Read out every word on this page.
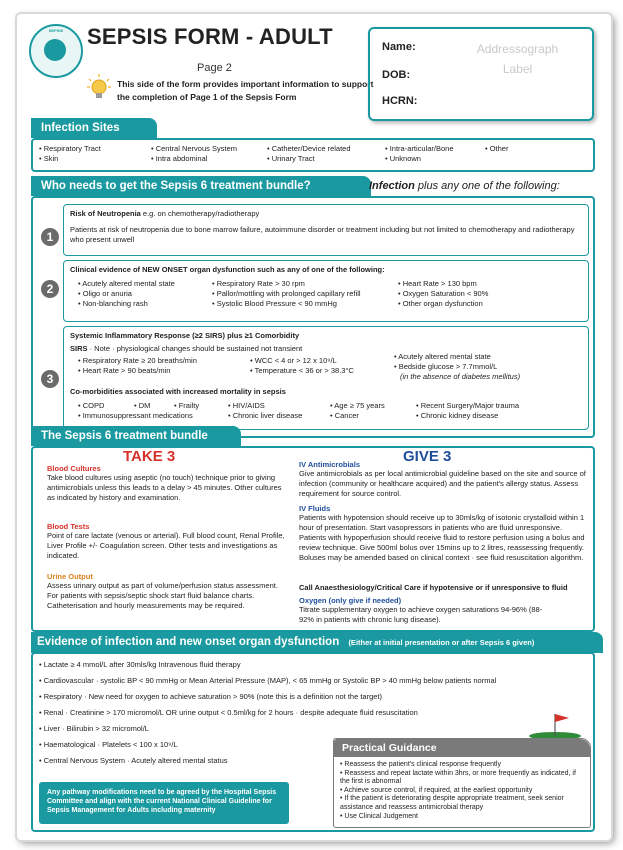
SEPSIS	SEPSIS FORM - ADULT
Page 2
This side of the form provides important information to support the completion of Page 1 of the Sepsis Form
Name:
DOB:
HCRN:
Addressograph
Label
Infection Sites
• Respiratory Tract
• Skin
• Central Nervous System
• Intra abdominal
• Catheter/Device related
• Urinary Tract
• Intra-articular/Bone
• Unknown
• Other
Who needs to get the Sepsis 6 treatment bundle?	Infection plus any one of the following:
1
Risk of Neutropenia e.g. on chemotherapy/radiotherapy
Patients at risk of neutropenia due to bone marrow failure, autoimmune disorder or treatment including but not limited to chemotherapy and radiotherapy who present unwell
2
Clinical evidence of NEW ONSET organ dysfunction such as any of one of the following:
• Acutely altered mental state
• Oligo or anuria
• Non-blanching rash
• Respiratory Rate > 30 rpm
• Pallor/mottling with prolonged capillary refill
• Systolic Blood Pressure < 90 mmHg
• Heart Rate > 130 bpm
• Oxygen Saturation < 90%
• Other organ dysfunction
3
Systemic Inflammatory Response (≥2 SIRS) plus ≥1 Comorbidity
SIRS · Note · physiological changes should be sustained not transient
• Respiratory Rate ≥ 20 breaths/min
• Heart Rate > 90 beats/min
• WCC < 4 or > 12 x 10⁹/L
• Temperature < 36 or > 38.3°C
• Acutely altered mental state
• Bedside glucose > 7.7mmol/L
(in the absence of diabetes mellitus)
Co-morbidities associated with increased mortality in sepsis
• COPD
• Immunosuppressant medications
• DM	• Frailty	• HIV/AIDS
• Chronic liver disease
• Age ≥ 75 years
• Cancer
• Recent Surgery/Major trauma
• Chronic kidney disease
The Sepsis 6 treatment bundle
TAKE 3	GIVE 3
Blood Cultures
Take blood cultures using aseptic (no touch) technique prior to giving antimicrobials unless this leads to a delay > 45 minutes. Other cultures as indicated by history and examination.
Blood Tests
Point of care lactate (venous or arterial). Full blood count, Renal Profile, Liver Profile +/- Coagulation screen. Other tests and investigations as indicated.
Urine Output
Assess urinary output as part of volume/perfusion status assessment. For patients with sepsis/septic shock start fluid balance charts. Catheterisation and hourly measurements may be required.
IV Antimicrobials
Give antimicrobials as per local antimicrobial guideline based on the site and source of infection (community or healthcare acquired) and the patient's allergy status. Assess requirement for source control.
IV Fluids
Patients with hypotension should receive up to 30mls/kg of isotonic crystalloid within 1 hour of presentation. Start vasopressors in patients who are fluid unresponsive. Patients with hypoperfusion should receive fluid to restore perfusion using a bolus and review technique. Give 500ml bolus over 15mins up to 2 litres, reassessing frequently. Boluses may be amended based on clinical context · see fluid resuscitation algorithm.
Call Anaesthesiology/Critical Care if hypotensive or if unresponsive to fluid
Oxygen (only give if needed)
Titrate supplementary oxygen to achieve oxygen saturations 94-96% (88-92% in patients with chronic lung disease).
Evidence of infection and new onset organ dysfunction (Either at initial presentation or after Sepsis 6 given)
• Lactate ≥ 4 mmol/L after 30mls/kg Intravenous fluid therapy
• Cardiovascular · systolic BP < 90 mmHg or Mean Arterial Pressure (MAP), < 65 mmHg or Systolic BP > 40 mmHg below patients normal
• Respiratory · New need for oxygen to achieve saturation > 90% (note this is a definition not the target)
• Renal · Creatinine > 170 micromol/L OR urine output < 0.5ml/kg for 2 hours · despite adequate fluid resuscitation
• Liver · Bilirubin > 32 micromol/L
• Haematological · Platelets < 100 x 10⁹/L
• Central Nervous System · Acutely altered mental status
Any pathway modifications need to be agreed by the Hospital Sepsis Committee and align with the current National Clinical Guideline for Sepsis Management for Adults including maternity
Practical Guidance
• Reassess the patient's clinical response frequently
• Reassess and repeat lactate within 3hrs, or more frequently as indicated, if the first is abnormal
• Achieve source control, if required, at the earliest opportunity
• If the patient is deteriorating despite appropriate treatment, seek senior assistance and reassess antimicrobial therapy
• Use Clinical Judgement
